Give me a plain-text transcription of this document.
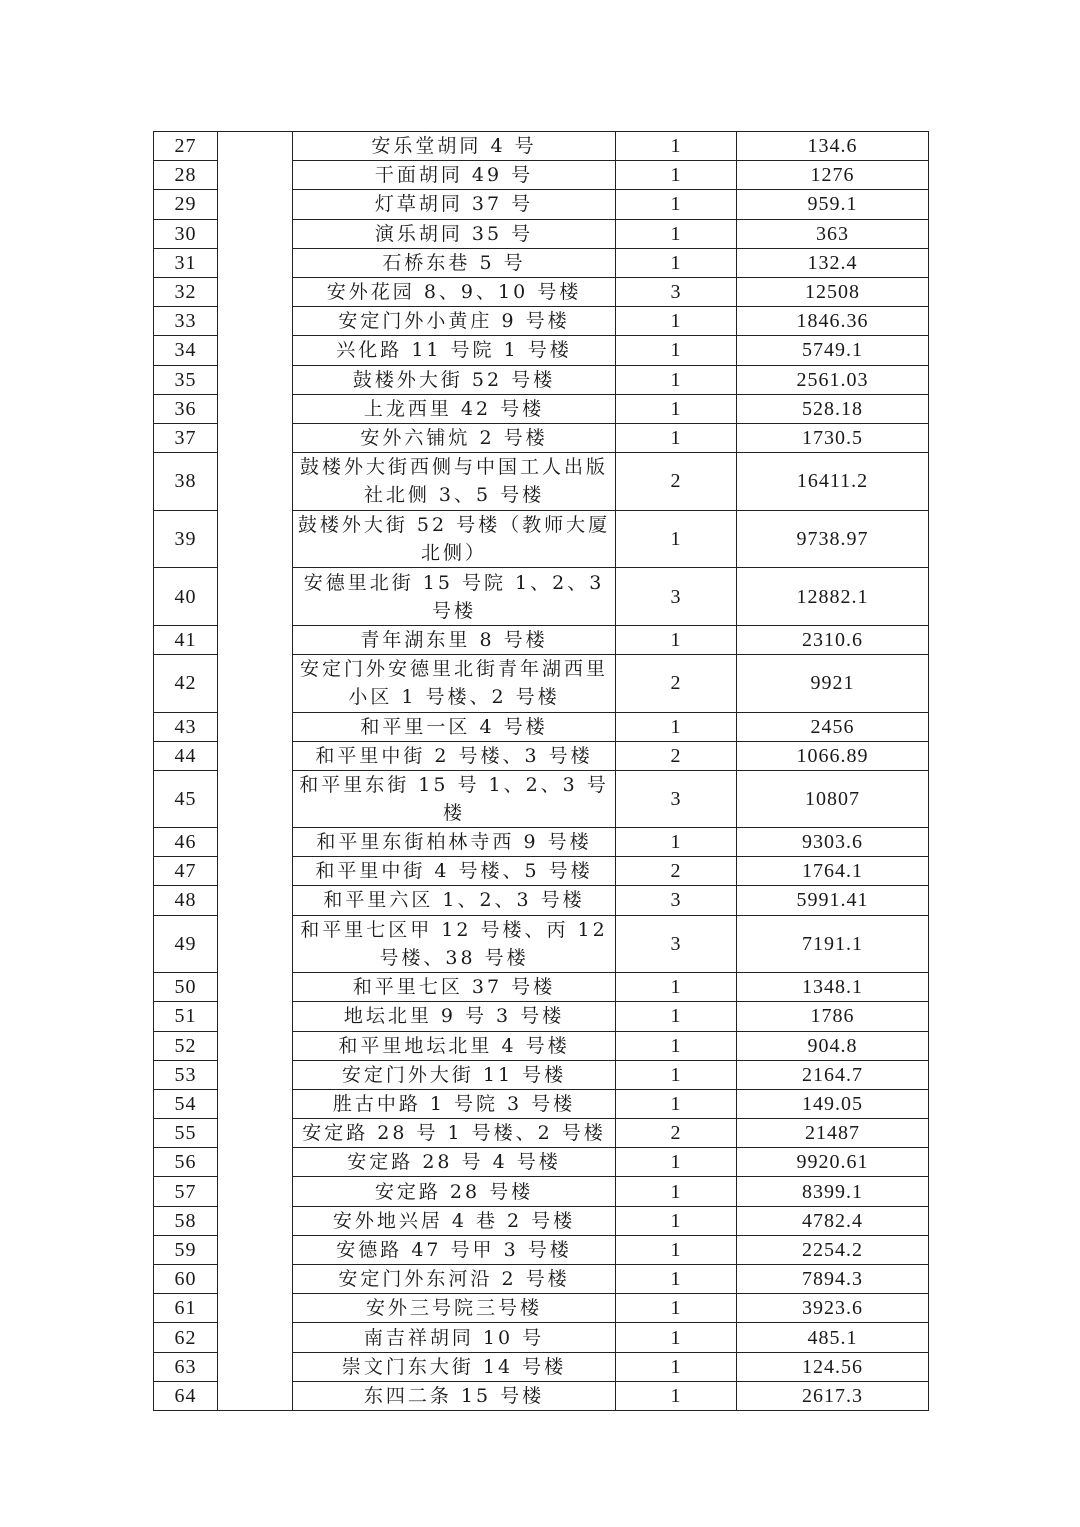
27		安乐堂胡同 4 号	1	134.6
28		干面胡同 49 号	1	1276
29		灯草胡同 37 号	1	959.1
30		演乐胡同 35 号	1	363
31		石桥东巷 5 号	1	132.4
32		安外花园 8、9、10 号楼	3	12508
33		安定门外小黄庄 9 号楼	1	1846.36
34		兴化路 11 号院 1 号楼	1	5749.1
35		鼓楼外大街 52 号楼	1	2561.03
36		上龙西里 42 号楼	1	528.18
37		安外六铺炕 2 号楼	1	1730.5
38		鼓楼外大街西侧与中国工人出版社北侧 3、5 号楼	2	16411.2
39		鼓楼外大街 52 号楼（教师大厦北侧）	1	9738.97
40		安德里北街 15 号院 1、2、3 号楼	3	12882.1
41		青年湖东里 8 号楼	1	2310.6
42		安定门外安德里北街青年湖西里小区 1 号楼、2 号楼	2	9921
43		和平里一区 4 号楼	1	2456
44		和平里中街 2 号楼、3 号楼	2	1066.89
45		和平里东街 15 号 1、2、3 号楼	3	10807
46		和平里东街柏林寺西 9 号楼	1	9303.6
47		和平里中街 4 号楼、5 号楼	2	1764.1
48		和平里六区 1、2、3 号楼	3	5991.41
49		和平里七区甲 12 号楼、丙 12 号楼、38 号楼	3	7191.1
50		和平里七区 37 号楼	1	1348.1
51		地坛北里 9 号 3 号楼	1	1786
52		和平里地坛北里 4 号楼	1	904.8
53		安定门外大街 11 号楼	1	2164.7
54		胜古中路 1 号院 3 号楼	1	149.05
55		安定路 28 号 1 号楼、2 号楼	2	21487
56		安定路 28 号 4 号楼	1	9920.61
57		安定路 28 号楼	1	8399.1
58		安外地兴居 4 巷 2 号楼	1	4782.4
59		安德路 47 号甲 3 号楼	1	2254.2
60		安定门外东河沿 2 号楼	1	7894.3
61		安外三号院三号楼	1	3923.6
62		南吉祥胡同 10 号	1	485.1
63		崇文门东大街 14 号楼	1	124.56
64		东四二条 15 号楼	1	2617.3
